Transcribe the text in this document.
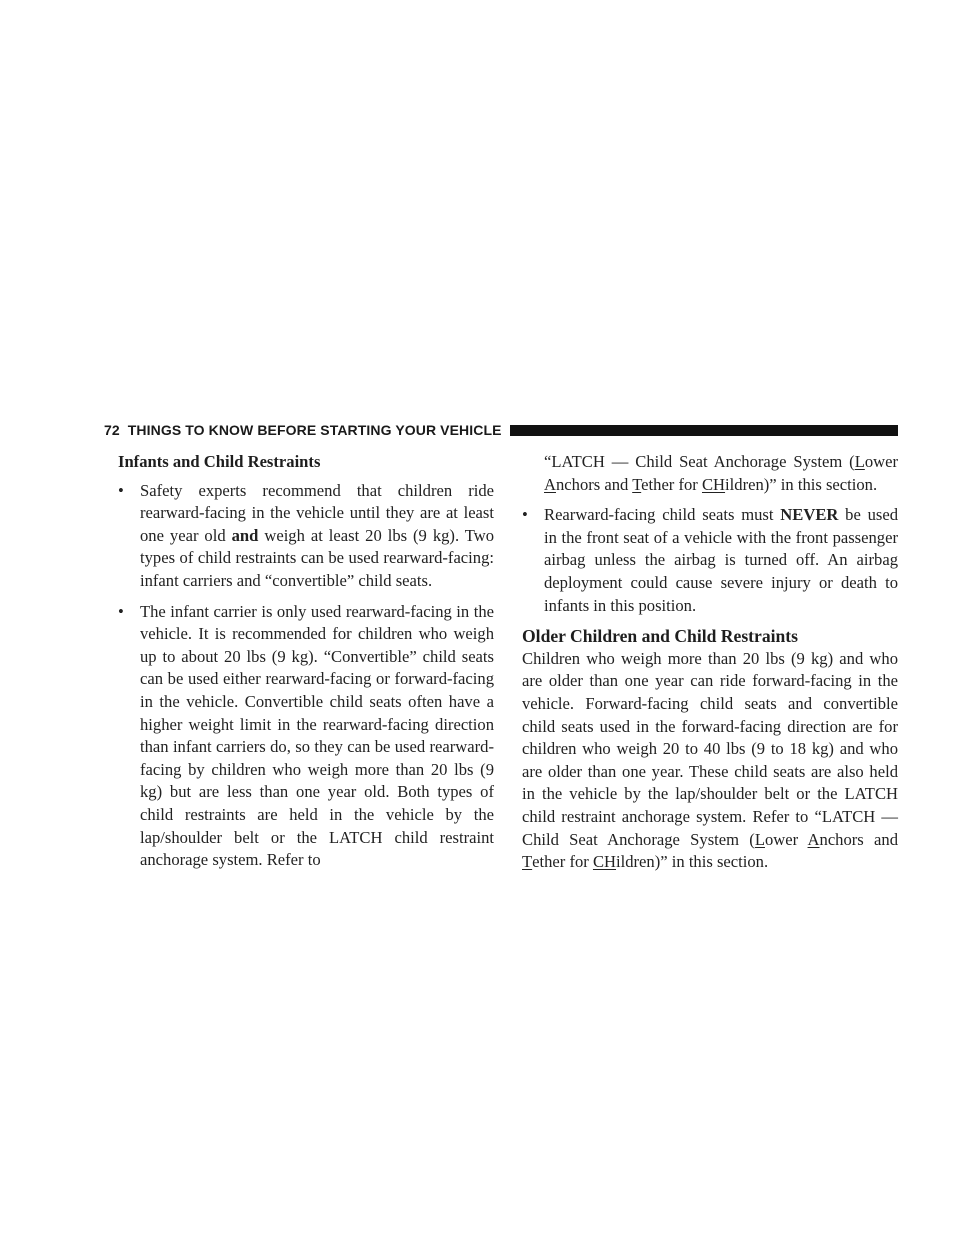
72 THINGS TO KNOW BEFORE STARTING YOUR VEHICLE
Infants and Child Restraints
• Safety experts recommend that children ride rearward-facing in the vehicle until they are at least one year old and weigh at least 20 lbs (9 kg). Two types of child restraints can be used rearward-facing: infant carriers and “convertible” child seats.
• The infant carrier is only used rearward-facing in the vehicle. It is recommended for children who weigh up to about 20 lbs (9 kg). “Convertible” child seats can be used either rearward-facing or forward-facing in the vehicle. Convertible child seats often have a higher weight limit in the rearward-facing direction than infant carriers do, so they can be used rearward-facing by children who weigh more than 20 lbs (9 kg) but are less than one year old. Both types of child restraints are held in the vehicle by the lap/shoulder belt or the LATCH child restraint anchorage system. Refer to
“LATCH — Child Seat Anchorage System (Lower Anchors and Tether for CHildren)” in this section.
• Rearward-facing child seats must NEVER be used in the front seat of a vehicle with the front passenger airbag unless the airbag is turned off. An airbag deployment could cause severe injury or death to infants in this position.
Older Children and Child Restraints
Children who weigh more than 20 lbs (9 kg) and who are older than one year can ride forward-facing in the vehicle. Forward-facing child seats and convertible child seats used in the forward-facing direction are for children who weigh 20 to 40 lbs (9 to 18 kg) and who are older than one year. These child seats are also held in the vehicle by the lap/shoulder belt or the LATCH child restraint anchorage system. Refer to “LATCH — Child Seat Anchorage System (Lower Anchors and Tether for CHildren)” in this section.
